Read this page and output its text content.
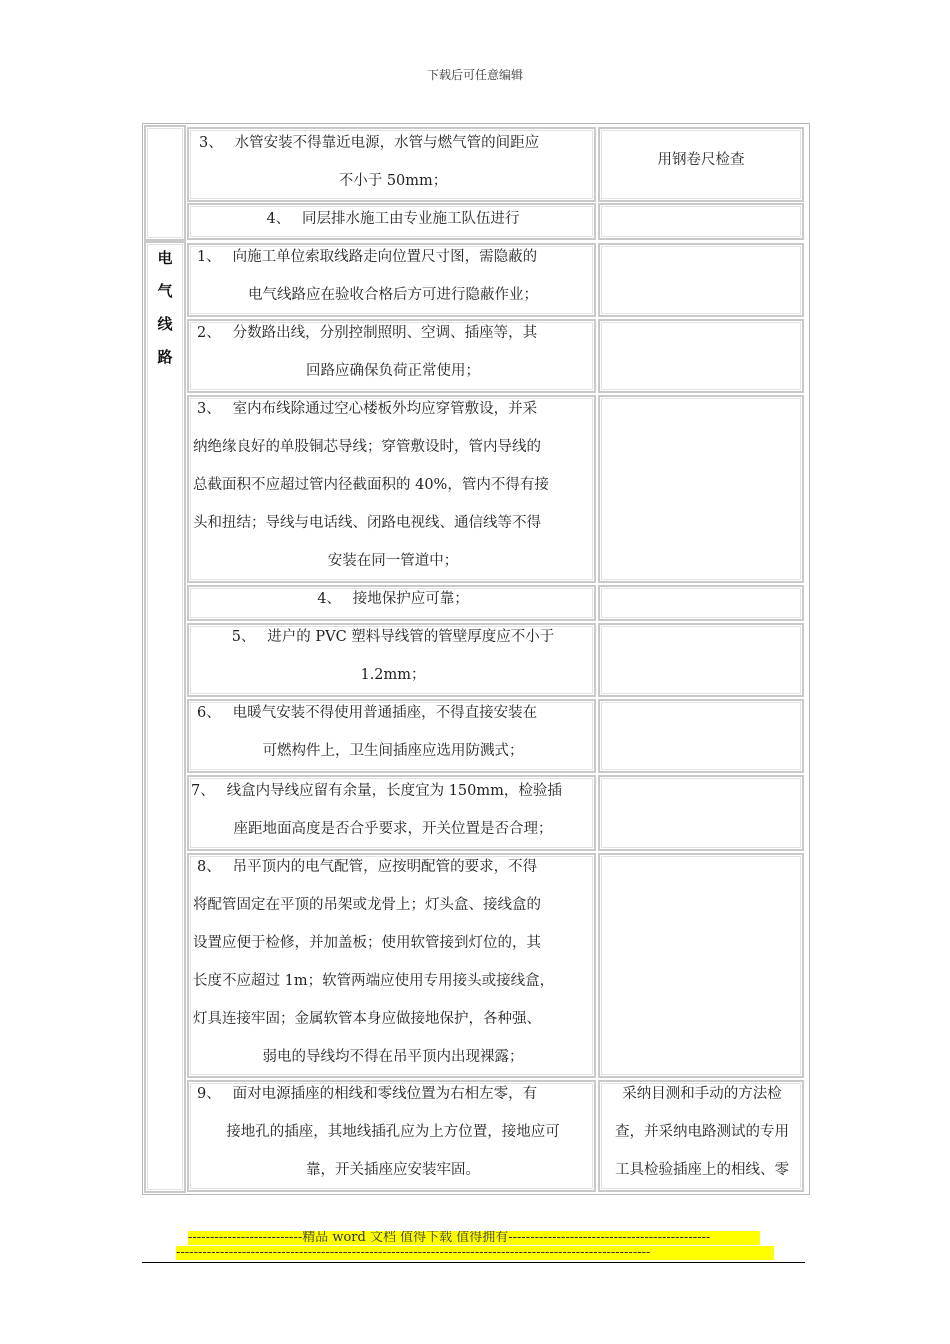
下载后可任意编辑
电
气
线
路
3、　 水管安装不得靠近电源，水管与燃气管的间距应
不小于 50mm；
用钢卷尺检查
4、　 同层排水施工由专业施工队伍进行
1、　 向施工单位索取线路走向位置尺寸图，需隐蔽的
电气线路应在验收合格后方可进行隐蔽作业；
2、　 分数路出线，分别控制照明、空调、插座等，其
回路应确保负荷正常使用；
3、　 室内布线除通过空心楼板外均应穿管敷设，并采
纳绝缘良好的单股铜芯导线；穿管敷设时，管内导线的
总截面积不应超过管内径截面积的 40%，管内不得有接
头和扭结；导线与电话线、闭路电视线、通信线等不得
安装在同一管道中；
4、　 接地保护应可靠；
5、　 进户的 PVC 塑料导线管的管壁厚度应不小于
1.2mm；
6、　 电暖气安装不得使用普通插座，不得直接安装在
可燃构件上，卫生间插座应选用防溅式；
7、　 线盒内导线应留有余量，长度宜为 150mm，检验插
座距地面高度是否合乎要求，开关位置是否合理；
8、　 吊平顶内的电气配管，应按明配管的要求，不得
将配管固定在平顶的吊架或龙骨上；灯头盒、接线盒的
设置应便于检修，并加盖板；使用软管接到灯位的，其
长度不应超过 1m；软管两端应使用专用接头或接线盒，
灯具连接牢固；金属软管本身应做接地保护，各种强、
弱电的导线均不得在吊平顶内出现裸露；
9、　 面对电源插座的相线和零线位置为右相左零，有
接地孔的插座，其地线插孔应为上方位置，接地应可
靠，开关插座应安装牢固。
采纳目测和手动的方法检
查，并采纳电路测试的专用
工具检验插座上的相线、零
--------------------------精品 word 文档 值得下载 值得拥有----------------------------------------------
------------------------------------------------------------------------------------------------------------
